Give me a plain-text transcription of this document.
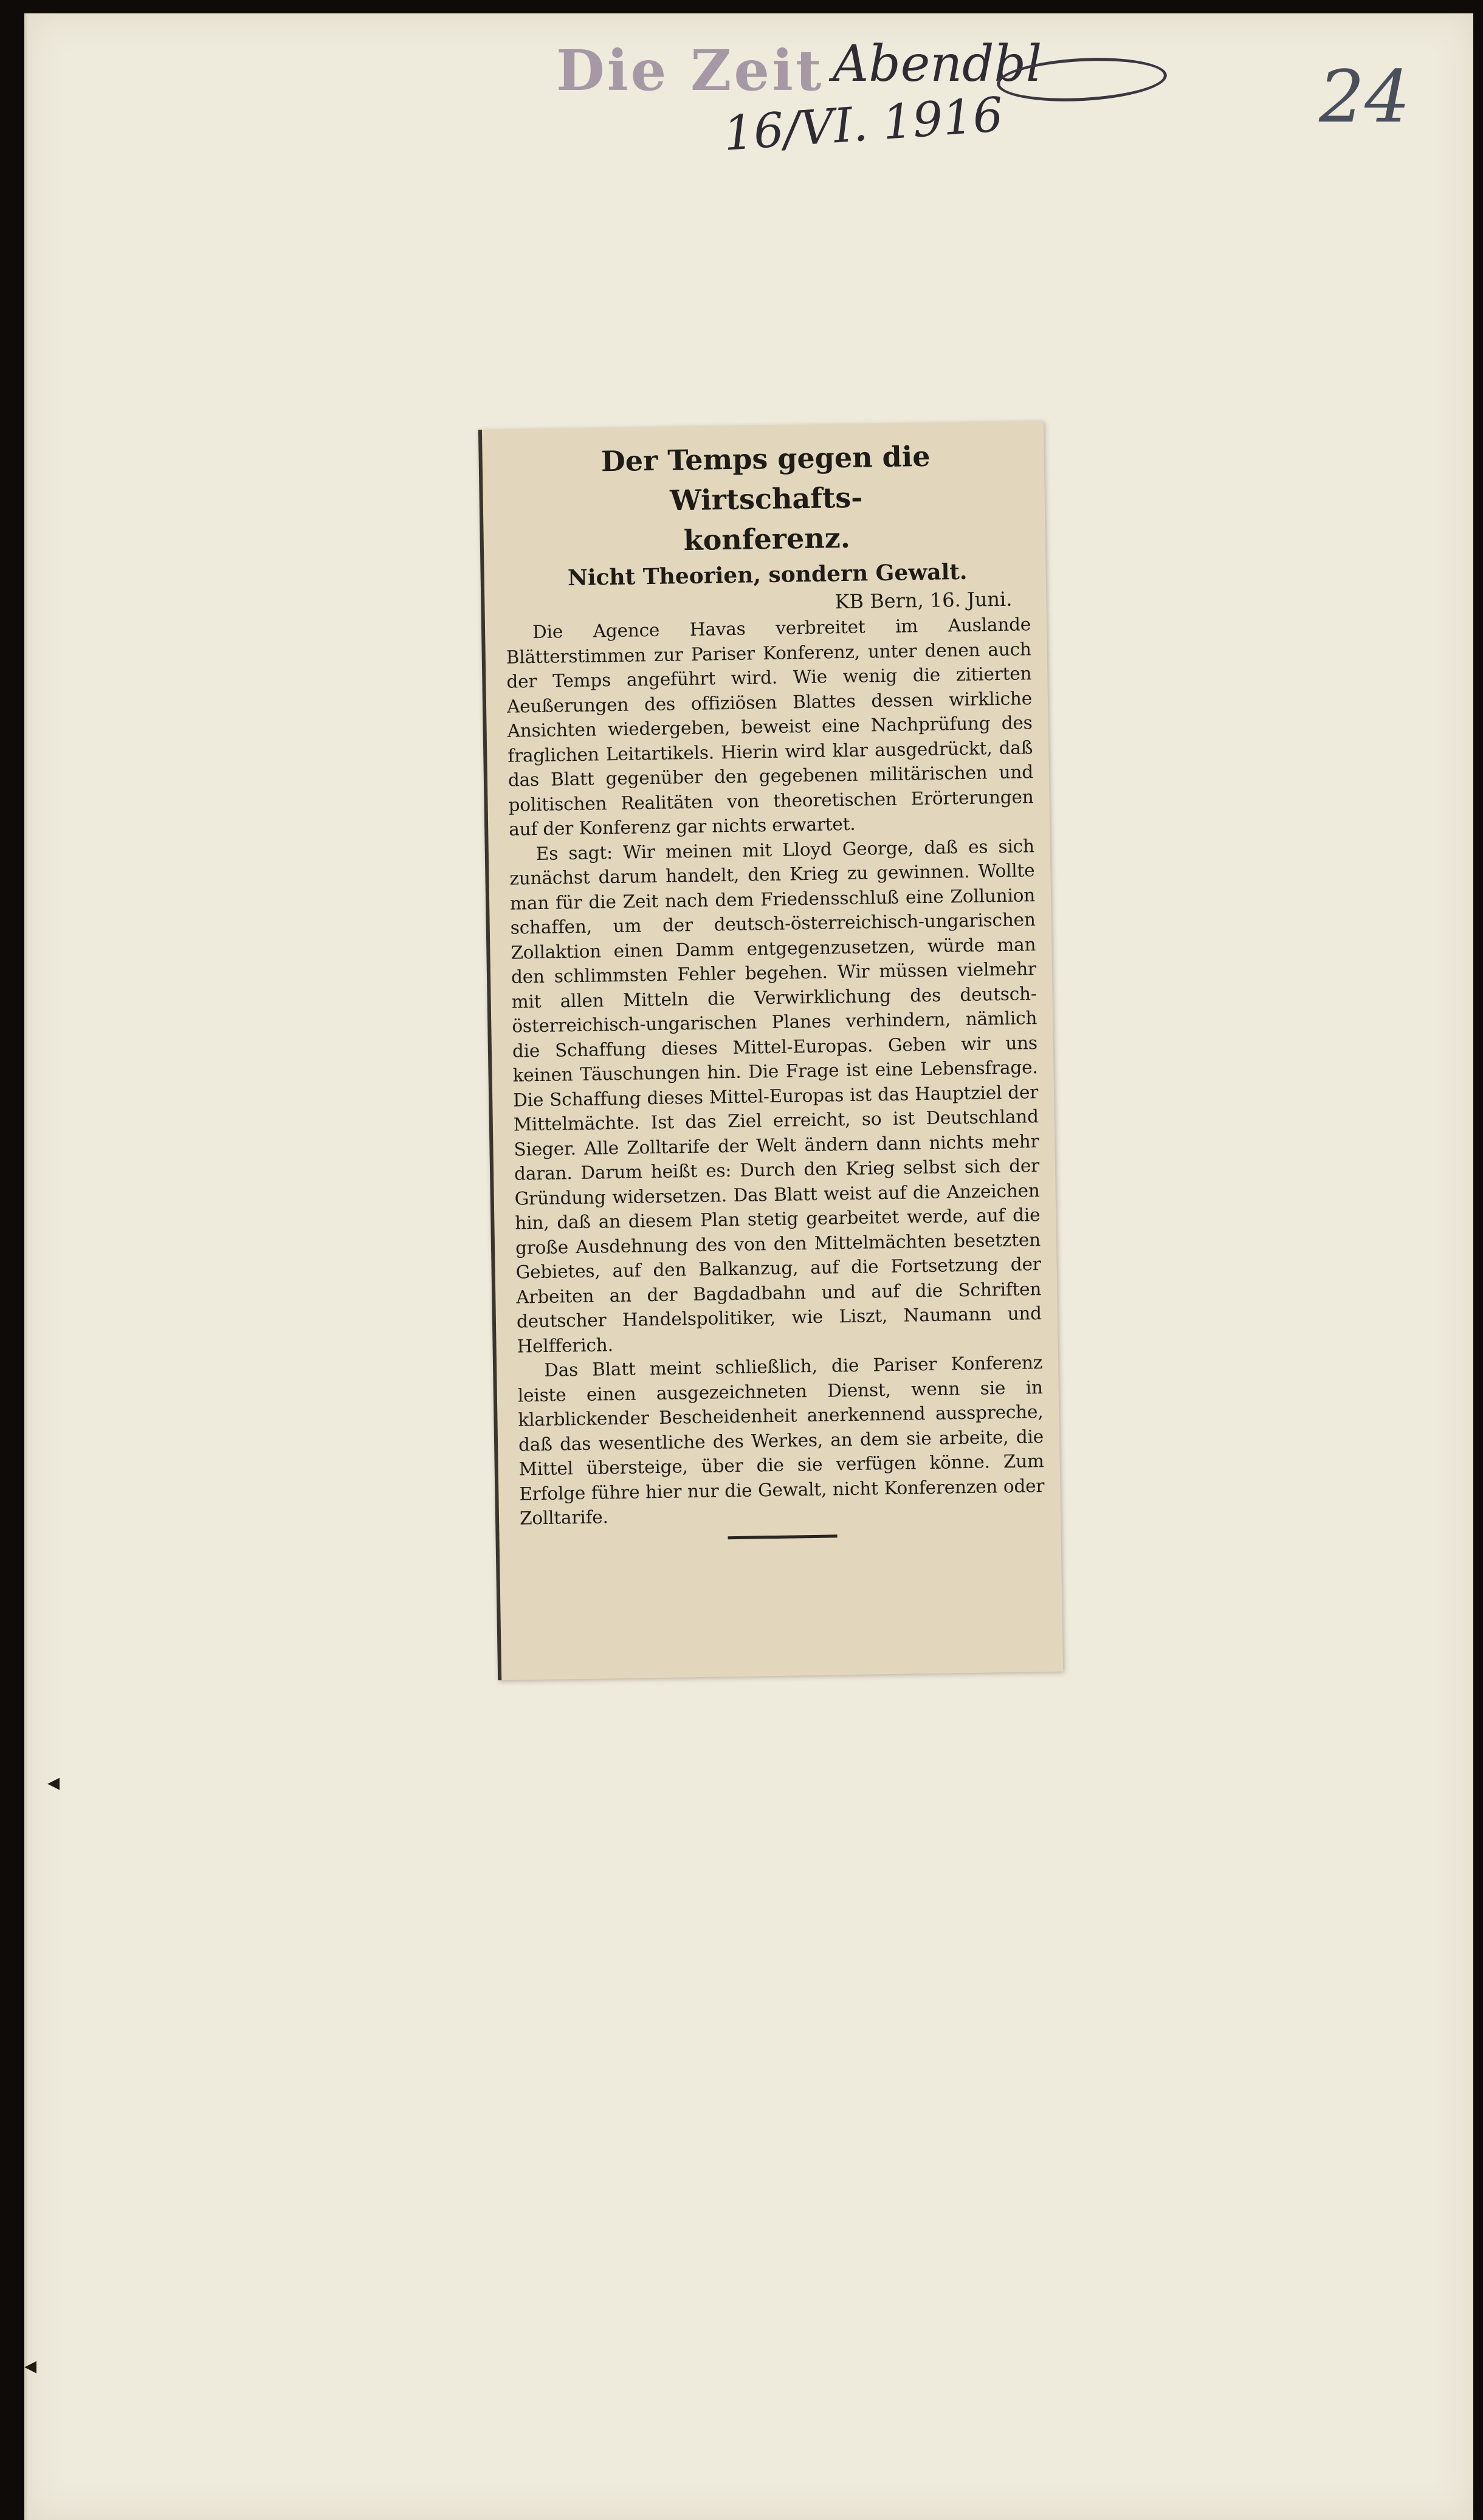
Die Zeit Abendbl
16/VI. 1916	24
◂
◂
Der Temps gegen die Wirtschafts-
konferenz.
Nicht Theorien, sondern Gewalt.
KB Bern, 16. Juni.

Die Agence Havas verbreitet im Auslande Blätterstimmen zur Pariser Konferenz, unter denen auch der Temps angeführt wird. Wie wenig die zitierten Aeußerungen des offiziösen Blattes dessen wirkliche Ansichten wiedergeben, beweist eine Nachprüfung des fraglichen Leitartikels. Hierin wird klar ausgedrückt, daß das Blatt gegenüber den gegebenen militärischen und politischen Realitäten von theoretischen Erörterungen auf der Konferenz gar nichts erwartet.

Es sagt: Wir meinen mit Lloyd George, daß es sich zunächst darum handelt, den Krieg zu gewinnen. Wollte man für die Zeit nach dem Friedensschluß eine Zollunion schaffen, um der deutsch-österreichisch-ungarischen Zollaktion einen Damm entgegenzusetzen, würde man den schlimmsten Fehler begehen. Wir müssen vielmehr mit allen Mitteln die Verwirklichung des deutsch-österreichisch-ungarischen Planes verhindern, nämlich die Schaffung dieses Mittel-Europas. Geben wir uns keinen Täuschungen hin. Die Frage ist eine Lebensfrage. Die Schaffung dieses Mittel-Europas ist das Hauptziel der Mittelmächte. Ist das Ziel erreicht, so ist Deutschland Sieger. Alle Zolltarife der Welt ändern dann nichts mehr daran. Darum heißt es: Durch den Krieg selbst sich der Gründung widersetzen. Das Blatt weist auf die Anzeichen hin, daß an diesem Plan stetig gearbeitet werde, auf die große Ausdehnung des von den Mittelmächten besetzten Gebietes, auf den Balkanzug, auf die Fortsetzung der Arbeiten an der Bagdadbahn und auf die Schriften deutscher Handelspolitiker, wie Liszt, Naumann und Helfferich.

Das Blatt meint schließlich, die Pariser Konferenz leiste einen ausgezeichneten Dienst, wenn sie in klarblickender Bescheidenheit anerkennend ausspreche, daß das wesentliche des Werkes, an dem sie arbeite, die Mittel übersteige, über die sie verfügen könne. Zum Erfolge führe hier nur die Gewalt, nicht Konferenzen oder Zolltarife.
